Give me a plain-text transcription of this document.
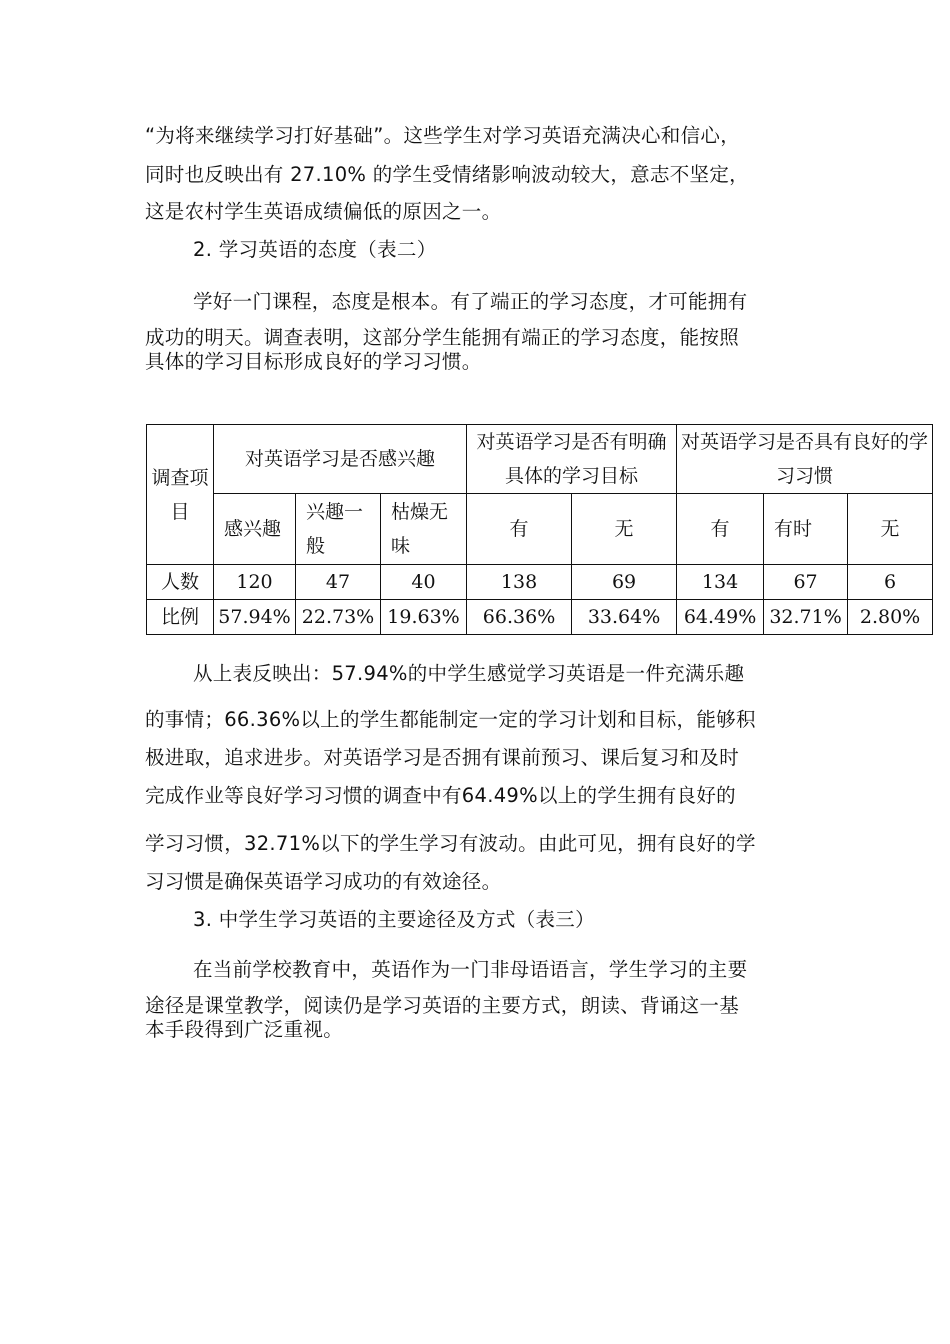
“为将来继续学习打好基础”。这些学生对学习英语充满决心和信心，
同时也反映出有 27.10% 的学生受情绪影响波动较大，意志不坚定，
这是农村学生英语成绩偏低的原因之一。
2. 学习英语的态度（表二）
学好一门课程，态度是根本。有了端正的学习态度，才可能拥有
成功的明天。调查表明，这部分学生能拥有端正的学习态度，能按照
具体的学习目标形成良好的学习习惯。
调查项目	对英语学习是否感兴趣			对英语学习是否有明确具体的学习目标		对英语学习是否具有良好的学习习惯		
	感兴趣	兴趣一般	枯燥无味	有	无	有	有时	无
人数	120	47	40	138	69	134	67	6
比例	57.94%	22.73%	19.63%	66.36%	33.64%	64.49%	32.71%	2.80%
从上表反映出：57.94%的中学生感觉学习英语是一件充满乐趣
的事情；66.36%以上的学生都能制定一定的学习计划和目标，能够积
极进取，追求进步。对英语学习是否拥有课前预习、课后复习和及时
完成作业等良好学习习惯的调查中有64.49%以上的学生拥有良好的
学习习惯，32.71%以下的学生学习有波动。由此可见，拥有良好的学
习习惯是确保英语学习成功的有效途径。
3. 中学生学习英语的主要途径及方式（表三）
在当前学校教育中，英语作为一门非母语语言，学生学习的主要
途径是课堂教学，阅读仍是学习英语的主要方式，朗读、背诵这一基
本手段得到广泛重视。
